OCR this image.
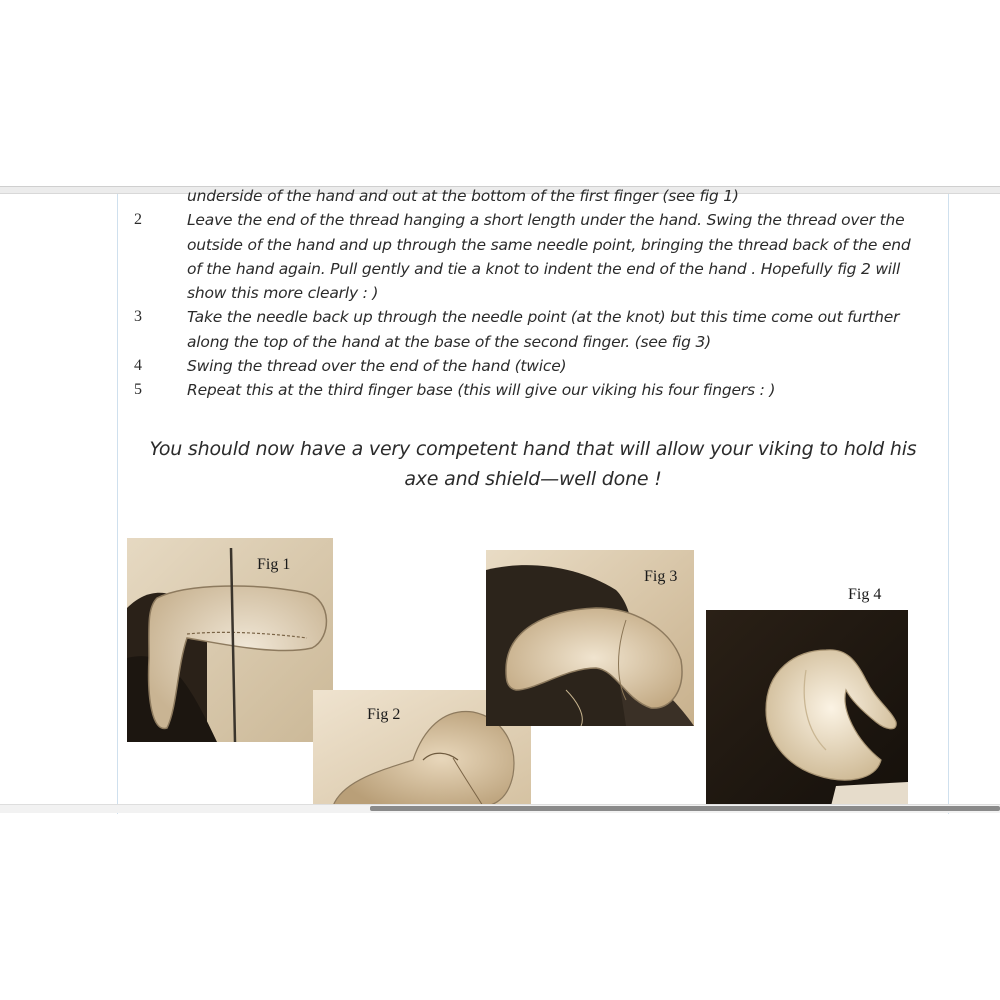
underside of the hand and out at the bottom of the first finger (see fig 1)
2	Leave the end of the thread hanging a short length under the hand. Swing the thread over the outside of the hand and up through the same needle point, bringing the thread back of the end of the hand again. Pull gently and tie a knot to indent the end of the hand . Hopefully fig 2 will show this more clearly : )
3	Take the needle back up through the needle point (at the knot) but this time come out further along the top of the hand at the base of the second finger. (see fig 3)
4	Swing the thread over the end of the hand (twice)
5	Repeat this at the third finger base (this will give our viking his four fingers : )
You should now have a very competent hand that will allow your viking to hold his axe and shield—well done !
Fig 1
Fig 2
Fig 3
Fig 4
